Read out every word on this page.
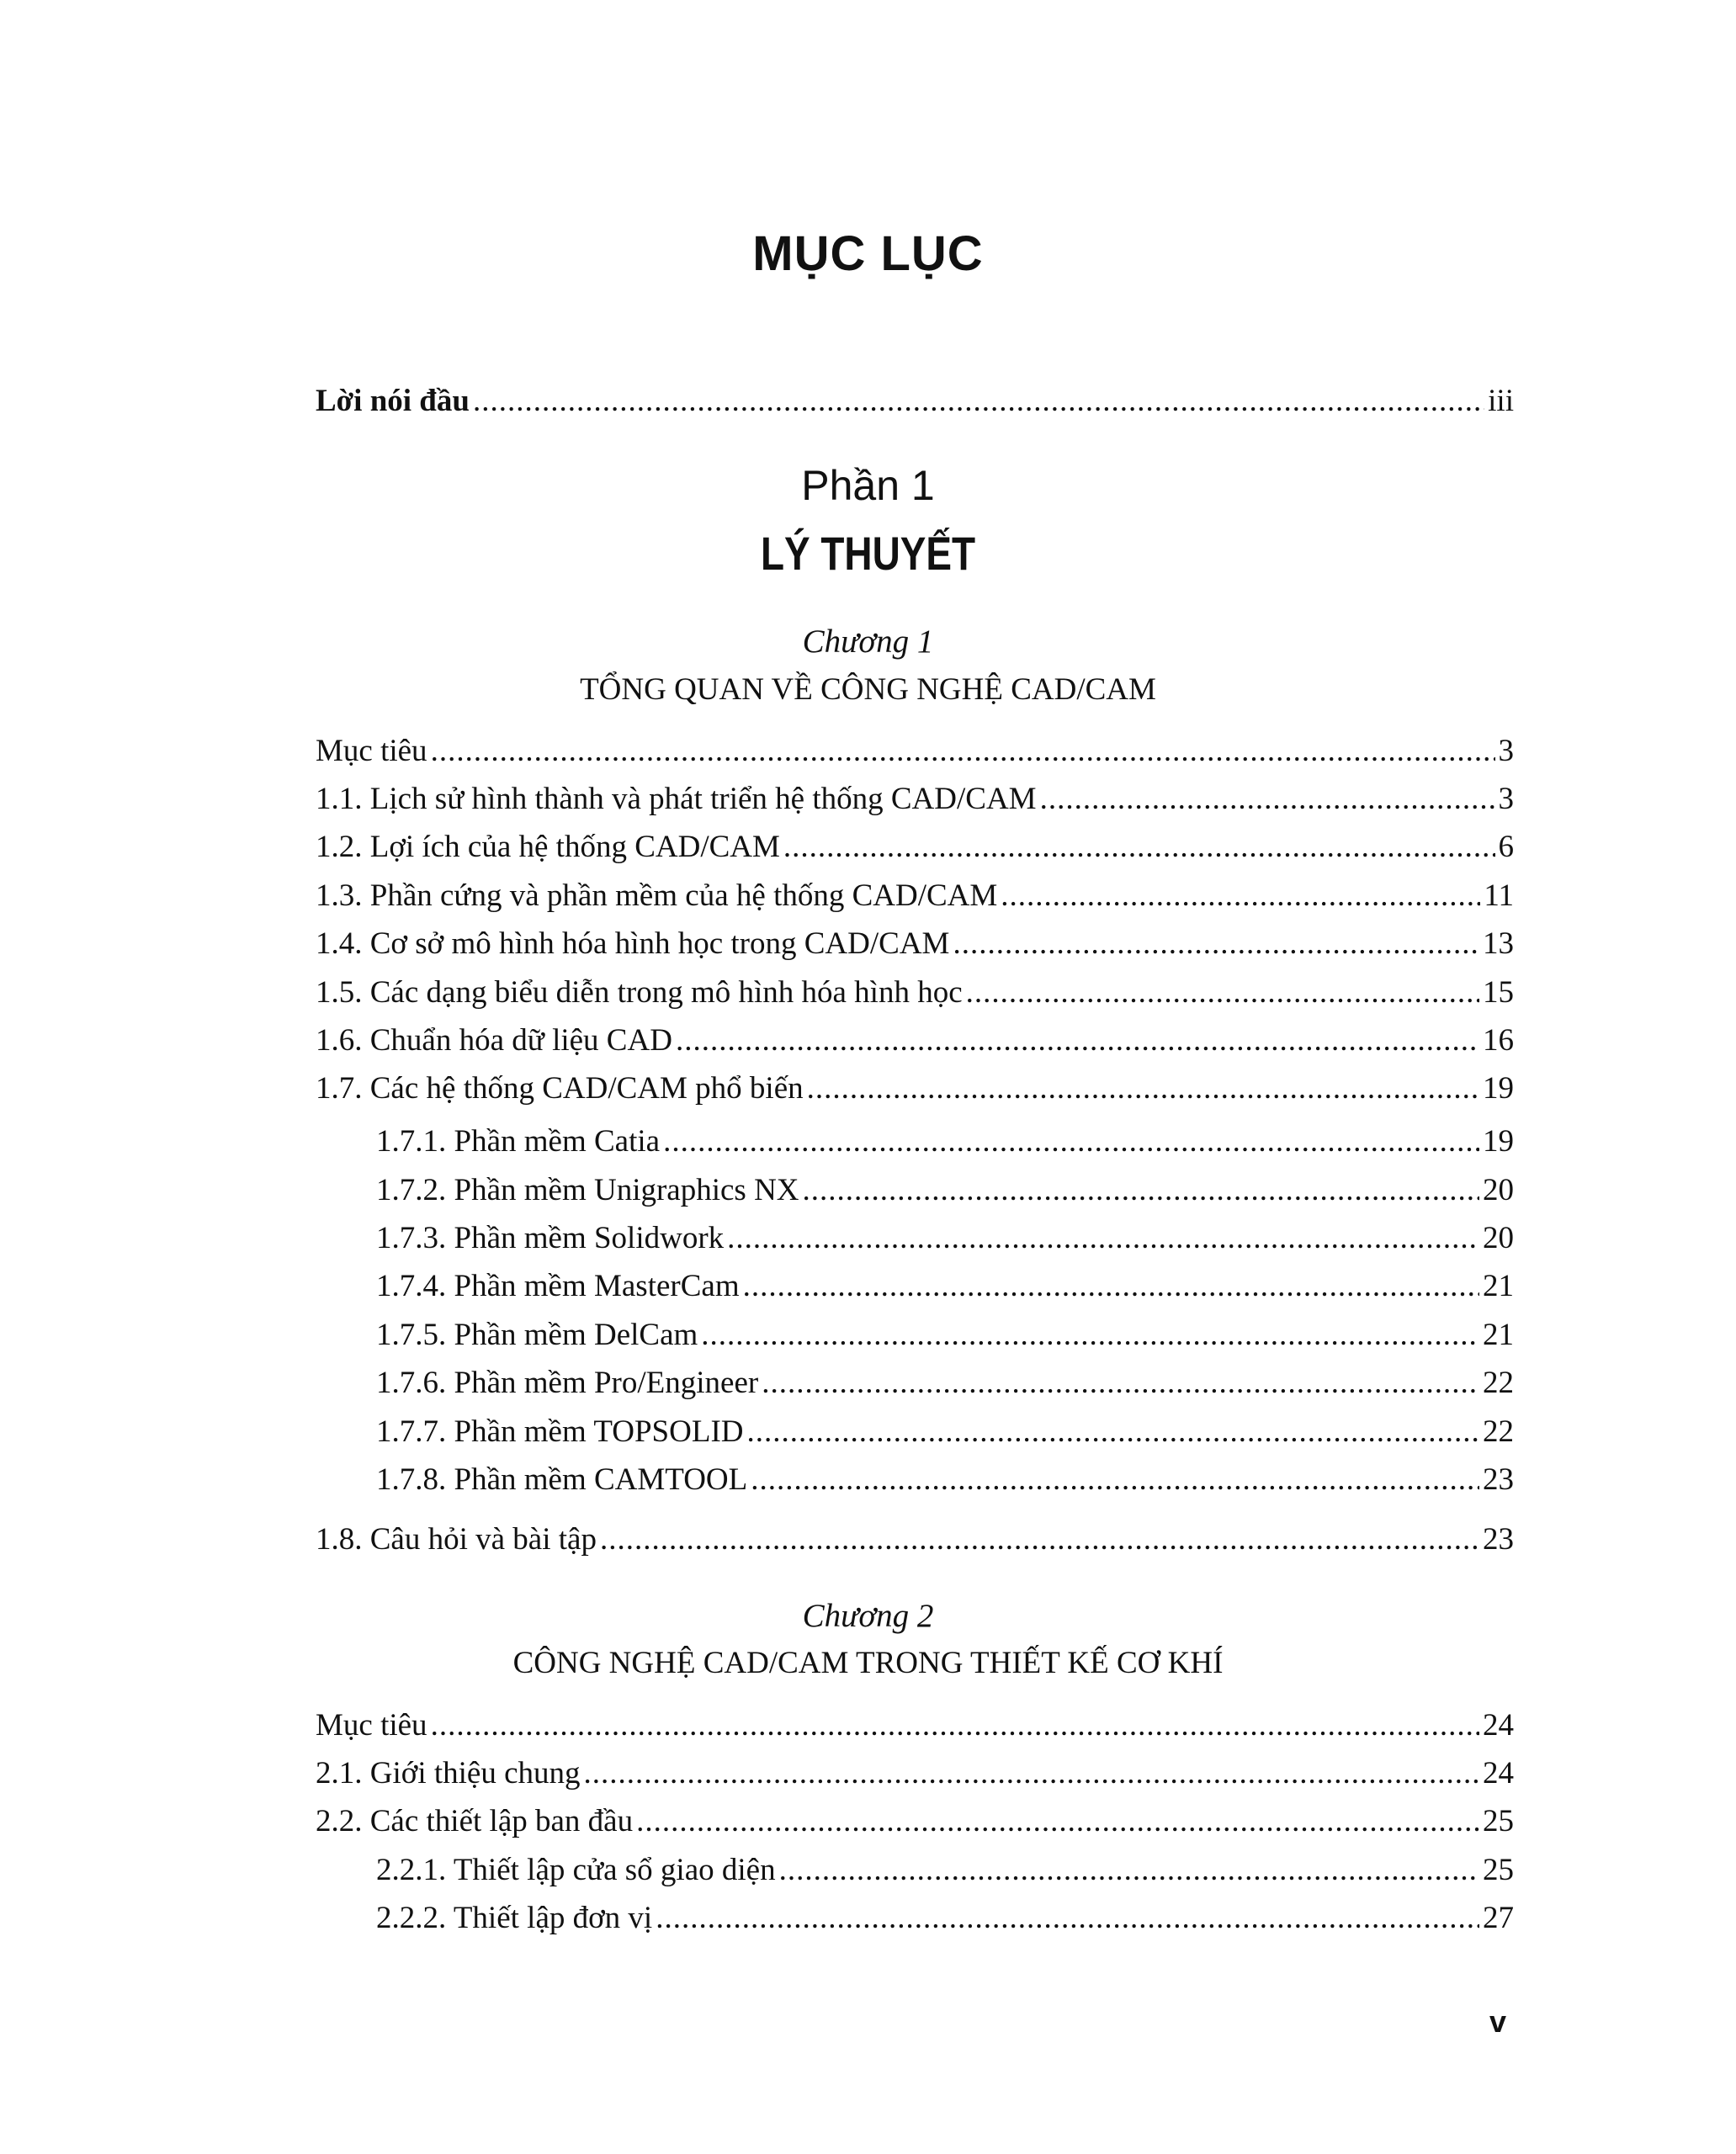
MỤC LỤC
Lời nói đầu .....	iii
Phần 1
LÝ THUYẾT
Chương 1
TỔNG QUAN VỀ CÔNG NGHỆ CAD/CAM
Mục tiêu .....	3
1.1. Lịch sử hình thành và phát triển hệ thống CAD/CAM .....	3
1.2. Lợi ích của hệ thống CAD/CAM .....	6
1.3. Phần cứng và phần mềm của hệ thống CAD/CAM .....	11
1.4. Cơ sở mô hình hóa hình học trong CAD/CAM .....	13
1.5. Các dạng biểu diễn trong mô hình hóa hình học .....	15
1.6. Chuẩn hóa dữ liệu CAD .....	16
1.7. Các hệ thống CAD/CAM phổ biến .....	19
1.7.1. Phần mềm Catia .....	19
1.7.2. Phần mềm Unigraphics NX .....	20
1.7.3. Phần mềm Solidwork .....	20
1.7.4. Phần mềm MasterCam .....	21
1.7.5. Phần mềm DelCam .....	21
1.7.6. Phần mềm Pro/Engineer .....	22
1.7.7. Phần mềm TOPSOLID .....	22
1.7.8. Phần mềm CAMTOOL .....	23
1.8. Câu hỏi và bài tập .....	23
Chương 2
CÔNG NGHỆ CAD/CAM TRONG THIẾT KẾ CƠ KHÍ
Mục tiêu .....	24
2.1. Giới thiệu chung .....	24
2.2. Các thiết lập ban đầu .....	25
2.2.1. Thiết lập cửa sổ giao diện .....	25
2.2.2. Thiết lập đơn vị .....	27
v
